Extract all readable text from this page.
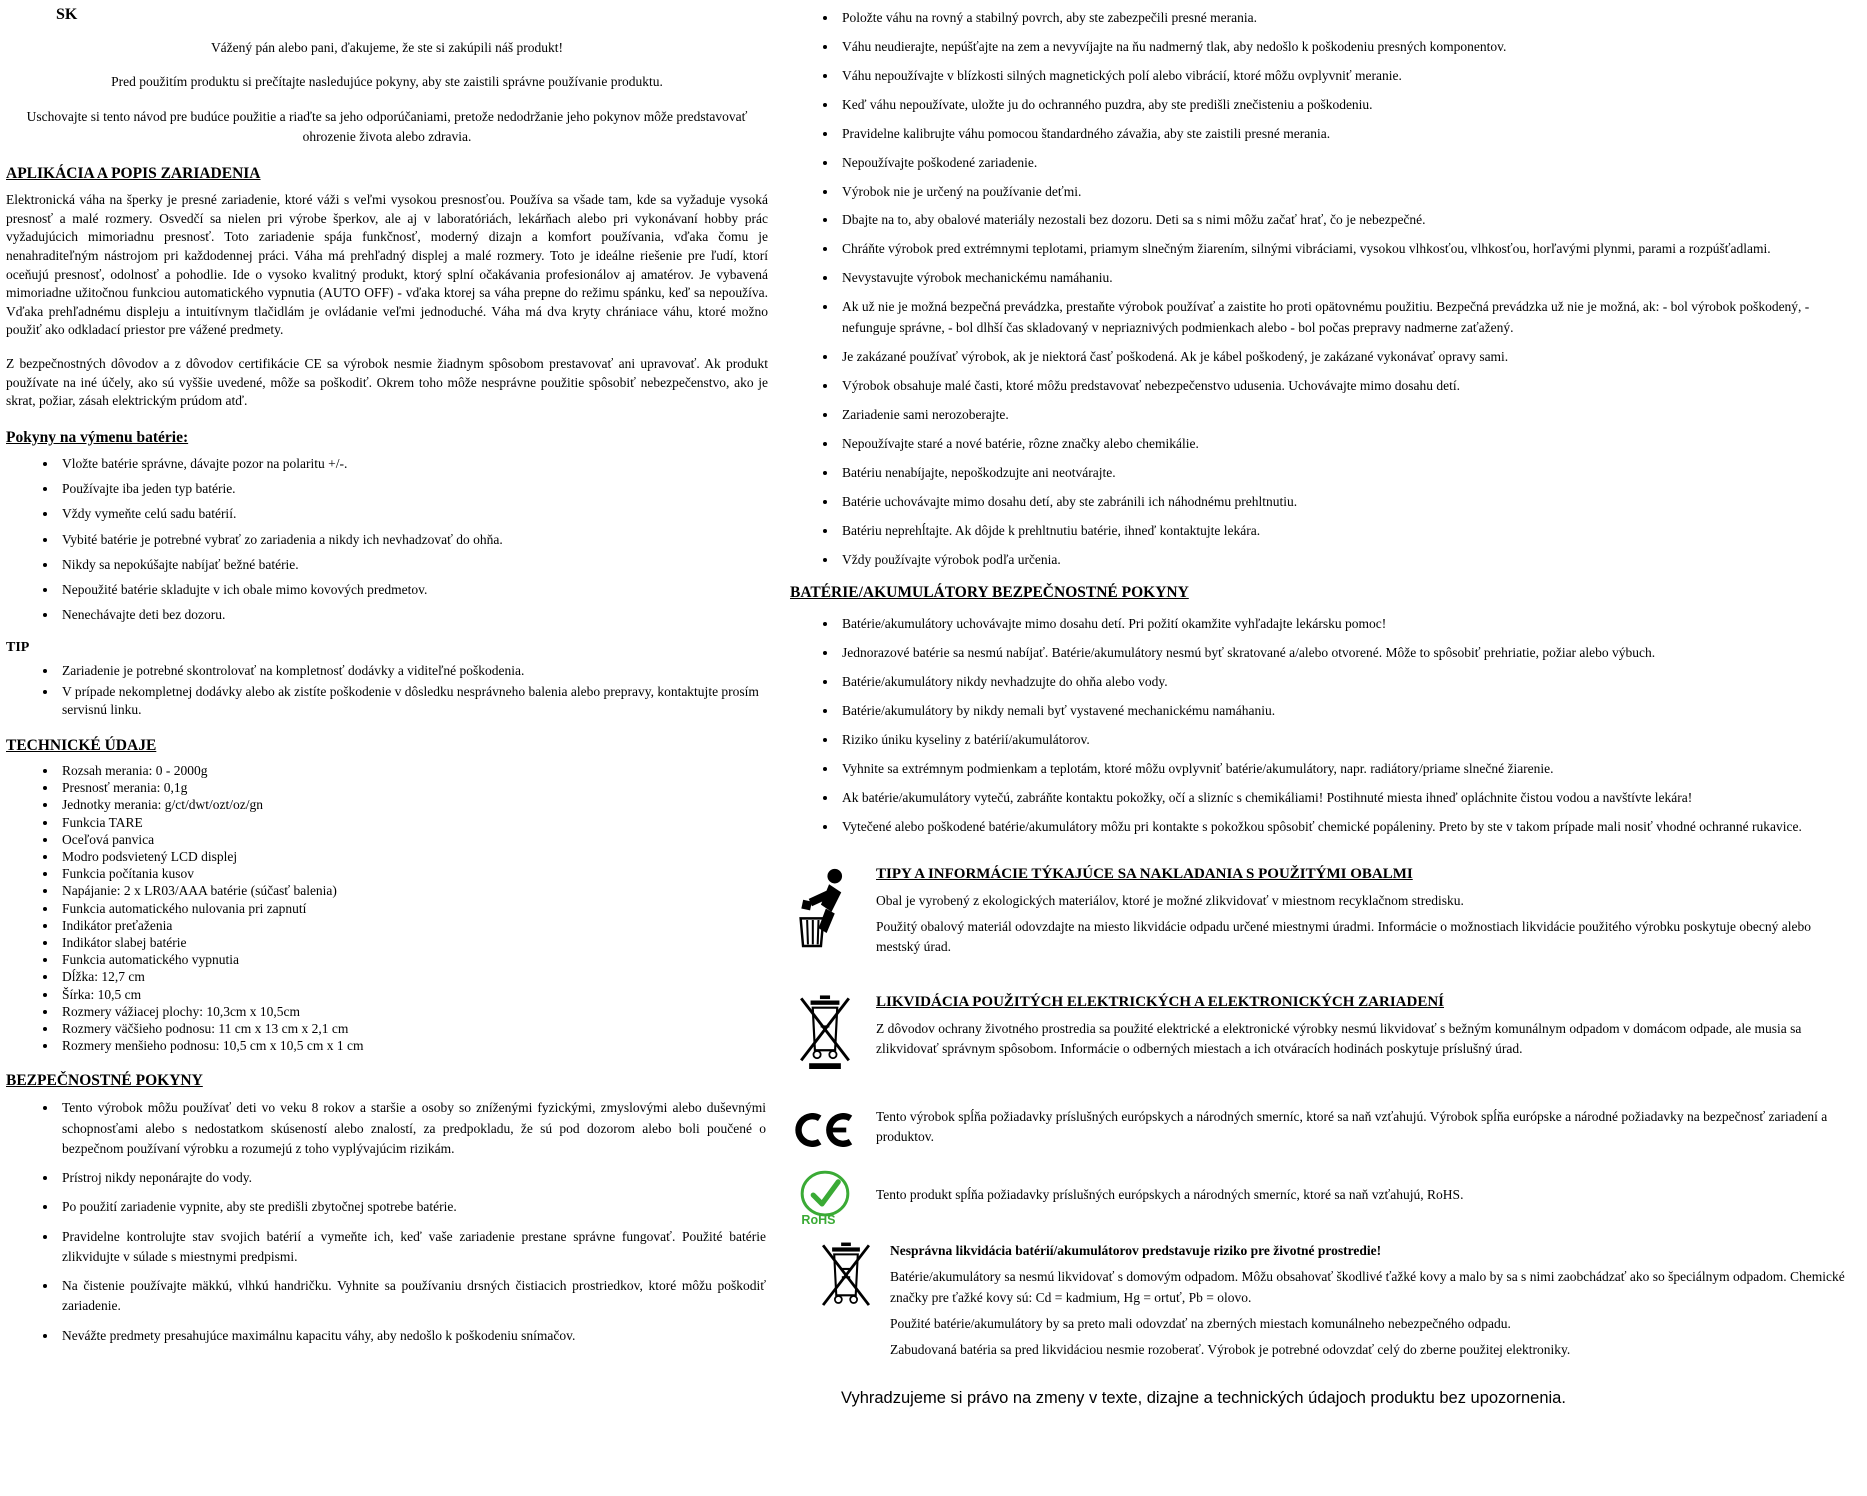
SK

Vážený pán alebo pani, ďakujeme, že ste si zakúpili náš produkt!

Pred použitím produktu si prečítajte nasledujúce pokyny, aby ste zaistili správne používanie produktu.

Uschovajte si tento návod pre budúce použitie a riaďte sa jeho odporúčaniami, pretože nedodržanie jeho pokynov môže predstavovať ohrozenie života alebo zdravia.

APLIKÁCIA A POPIS ZARIADENIA

Elektronická váha na šperky je presné zariadenie, ktoré váži s veľmi vysokou presnosťou. Používa sa všade tam, kde sa vyžaduje vysoká presnosť a malé rozmery. Osvedčí sa nielen pri výrobe šperkov, ale aj v laboratóriách, lekárňach alebo pri vykonávaní hobby prác vyžadujúcich mimoriadnu presnosť. Toto zariadenie spája funkčnosť, moderný dizajn a komfort používania, vďaka čomu je nenahraditeľným nástrojom pri každodennej práci. Váha má prehľadný displej a malé rozmery. Toto je ideálne riešenie pre ľudí, ktorí oceňujú presnosť, odolnosť a pohodlie. Ide o vysoko kvalitný produkt, ktorý splní očakávania profesionálov aj amatérov. Je vybavená mimoriadne užitočnou funkciou automatického vypnutia (AUTO OFF) - vďaka ktorej sa váha prepne do režimu spánku, keď sa nepoužíva. Vďaka prehľadnému displeju a intuitívnym tlačidlám je ovládanie veľmi jednoduché. Váha má dva kryty chrániace váhu, ktoré možno použiť ako odkladací priestor pre vážené predmety.

Z bezpečnostných dôvodov a z dôvodov certifikácie CE sa výrobok nesmie žiadnym spôsobom prestavovať ani upravovať. Ak produkt používate na iné účely, ako sú vyššie uvedené, môže sa poškodiť. Okrem toho môže nesprávne použitie spôsobiť nebezpečenstvo, ako je skrat, požiar, zásah elektrickým prúdom atď.

Pokyny na výmenu batérie:
• Vložte batérie správne, dávajte pozor na polaritu +/-.
• Používajte iba jeden typ batérie.
• Vždy vymeňte celú sadu batérií.
• Vybité batérie je potrebné vybrať zo zariadenia a nikdy ich nevhadzovať do ohňa.
• Nikdy sa nepokúšajte nabíjať bežné batérie.
• Nepoužité batérie skladujte v ich obale mimo kovových predmetov.
• Nenechávajte deti bez dozoru.
TIP
• Zariadenie je potrebné skontrolovať na kompletnosť dodávky a viditeľné poškodenia.
• V prípade nekompletnej dodávky alebo ak zistíte poškodenie v dôsledku nesprávneho balenia alebo prepravy, kontaktujte prosím servisnú linku.
TECHNICKÉ ÚDAJE
• Rozsah merania: 0 - 2000g
• Presnosť merania: 0,1g
• Jednotky merania: g/ct/dwt/ozt/oz/gn
• Funkcia TARE
• Oceľová panvica
• Modro podsvietený LCD displej
• Funkcia počítania kusov
• Napájanie: 2 x LR03/AAA batérie (súčasť balenia)
• Funkcia automatického nulovania pri zapnutí
• Indikátor preťaženia
• Indikátor slabej batérie
• Funkcia automatického vypnutia
• Dĺžka: 12,7 cm
• Šírka: 10,5 cm
• Rozmery vážiacej plochy: 10,3cm x 10,5cm
• Rozmery väčšieho podnosu: 11 cm x 13 cm x 2,1 cm
• Rozmery menšieho podnosu: 10,5 cm x 10,5 cm x 1 cm
BEZPEČNOSTNÉ POKYNY
• Tento výrobok môžu používať deti vo veku 8 rokov a staršie a osoby so zníženými fyzickými, zmyslovými alebo duševnými schopnosťami alebo s nedostatkom skúseností alebo znalostí, za predpokladu, že sú pod dozorom alebo boli poučené o bezpečnom používaní výrobku a rozumejú z toho vyplývajúcim rizikám.
• Prístroj nikdy neponárajte do vody.
• Po použití zariadenie vypnite, aby ste predišli zbytočnej spotrebe batérie.
• Pravidelne kontrolujte stav svojich batérií a vymeňte ich, keď vaše zariadenie prestane správne fungovať. Použité batérie zlikvidujte v súlade s miestnymi predpismi.
• Na čistenie používajte mäkkú, vlhkú handričku. Vyhnite sa používaniu drsných čistiacich prostriedkov, ktoré môžu poškodiť zariadenie.
• Nevážte predmety presahujúce maximálnu kapacitu váhy, aby nedošlo k poškodeniu snímačov.
• Položte váhu na rovný a stabilný povrch, aby ste zabezpečili presné merania.
• Váhu neudierajte, nepúšťajte na zem a nevyvíjajte na ňu nadmerný tlak, aby nedošlo k poškodeniu presných komponentov.
• Váhu nepoužívajte v blízkosti silných magnetických polí alebo vibrácií, ktoré môžu ovplyvniť meranie.
• Keď váhu nepoužívate, uložte ju do ochranného puzdra, aby ste predišli znečisteniu a poškodeniu.
• Pravidelne kalibrujte váhu pomocou štandardného závažia, aby ste zaistili presné merania.
• Nepoužívajte poškodené zariadenie.
• Výrobok nie je určený na používanie deťmi.
• Dbajte na to, aby obalové materiály nezostali bez dozoru. Deti sa s nimi môžu začať hrať, čo je nebezpečné.
• Chráňte výrobok pred extrémnymi teplotami, priamym slnečným žiarením, silnými vibráciami, vysokou vlhkosťou, vlhkosťou, horľavými plynmi, parami a rozpúšťadlami.
• Nevystavujte výrobok mechanickému namáhaniu.
• Ak už nie je možná bezpečná prevádzka, prestaňte výrobok používať a zaistite ho proti opätovnému použitiu. Bezpečná prevádzka už nie je možná, ak: - bol výrobok poškodený, - nefunguje správne, - bol dlhší čas skladovaný v nepriaznivých podmienkach alebo - bol počas prepravy nadmerne zaťažený.
• Je zakázané používať výrobok, ak je niektorá časť poškodená. Ak je kábel poškodený, je zakázané vykonávať opravy sami.
• Výrobok obsahuje malé časti, ktoré môžu predstavovať nebezpečenstvo udusenia. Uchovávajte mimo dosahu detí.
• Zariadenie sami nerozoberajte.
• Nepoužívajte staré a nové batérie, rôzne značky alebo chemikálie.
• Batériu nenabíjajte, nepoškodzujte ani neotvárajte.
• Batérie uchovávajte mimo dosahu detí, aby ste zabránili ich náhodnému prehltnutiu.
• Batériu neprehĺtajte. Ak dôjde k prehltnutiu batérie, ihneď kontaktujte lekára.
• Vždy používajte výrobok podľa určenia.
BATÉRIE/AKUMULÁTORY BEZPEČNOSTNÉ POKYNY
• Batérie/akumulátory uchovávajte mimo dosahu detí. Pri požití okamžite vyhľadajte lekársku pomoc!
• Jednorazové batérie sa nesmú nabíjať. Batérie/akumulátory nesmú byť skratované a/alebo otvorené. Môže to spôsobiť prehriatie, požiar alebo výbuch.
• Batérie/akumulátory nikdy nevhadzujte do ohňa alebo vody.
• Batérie/akumulátory by nikdy nemali byť vystavené mechanickému namáhaniu.
• Riziko úniku kyseliny z batérií/akumulátorov.
• Vyhnite sa extrémnym podmienkam a teplotám, ktoré môžu ovplyvniť batérie/akumulátory, napr. radiátory/priame slnečné žiarenie.
• Ak batérie/akumulátory vytečú, zabráňte kontaktu pokožky, očí a slizníc s chemikáliami! Postihnuté miesta ihneď opláchnite čistou vodou a navštívte lekára!
• Vytečené alebo poškodené batérie/akumulátory môžu pri kontakte s pokožkou spôsobiť chemické popáleniny. Preto by ste v takom prípade mali nosiť vhodné ochranné rukavice.
TIPY A INFORMÁCIE TÝKAJÚCE SA NAKLADANIA S POUŽITÝMI OBALMI

Obal je vyrobený z ekologických materiálov, ktoré je možné zlikvidovať v miestnom recyklačnom stredisku.

Použitý obalový materiál odovzdajte na miesto likvidácie odpadu určené miestnymi úradmi. Informácie o možnostiach likvidácie použitého výrobku poskytuje obecný alebo mestský úrad.

LIKVIDÁCIA POUŽITÝCH ELEKTRICKÝCH A ELEKTRONICKÝCH ZARIADENÍ

Z dôvodov ochrany životného prostredia sa použité elektrické a elektronické výrobky nesmú likvidovať s bežným komunálnym odpadom v domácom odpade, ale musia sa zlikvidovať správnym spôsobom. Informácie o odberných miestach a ich otváracích hodinách poskytuje príslušný úrad.

Tento výrobok spĺňa požiadavky príslušných európskych a národných smerníc, ktoré sa naň vzťahujú. Výrobok spĺňa európske a národné požiadavky na bezpečnosť zariadení a produktov.

RoHS

Tento produkt spĺňa požiadavky príslušných európskych a národných smerníc, ktoré sa naň vzťahujú, RoHS.

Nesprávna likvidácia batérií/akumulátorov predstavuje riziko pre životné prostredie!

Batérie/akumulátory sa nesmú likvidovať s domovým odpadom. Môžu obsahovať škodlivé ťažké kovy a malo by sa s nimi zaobchádzať ako so špeciálnym odpadom. Chemické značky pre ťažké kovy sú: Cd = kadmium, Hg = ortuť, Pb = olovo.

Použité batérie/akumulátory by sa preto mali odovzdať na zberných miestach komunálneho nebezpečného odpadu.

Zabudovaná batéria sa pred likvidáciou nesmie rozoberať. Výrobok je potrebné odovzdať celý do zberne použitej elektroniky.

Vyhradzujeme si právo na zmeny v texte, dizajne a technických údajoch produktu bez upozornenia.
